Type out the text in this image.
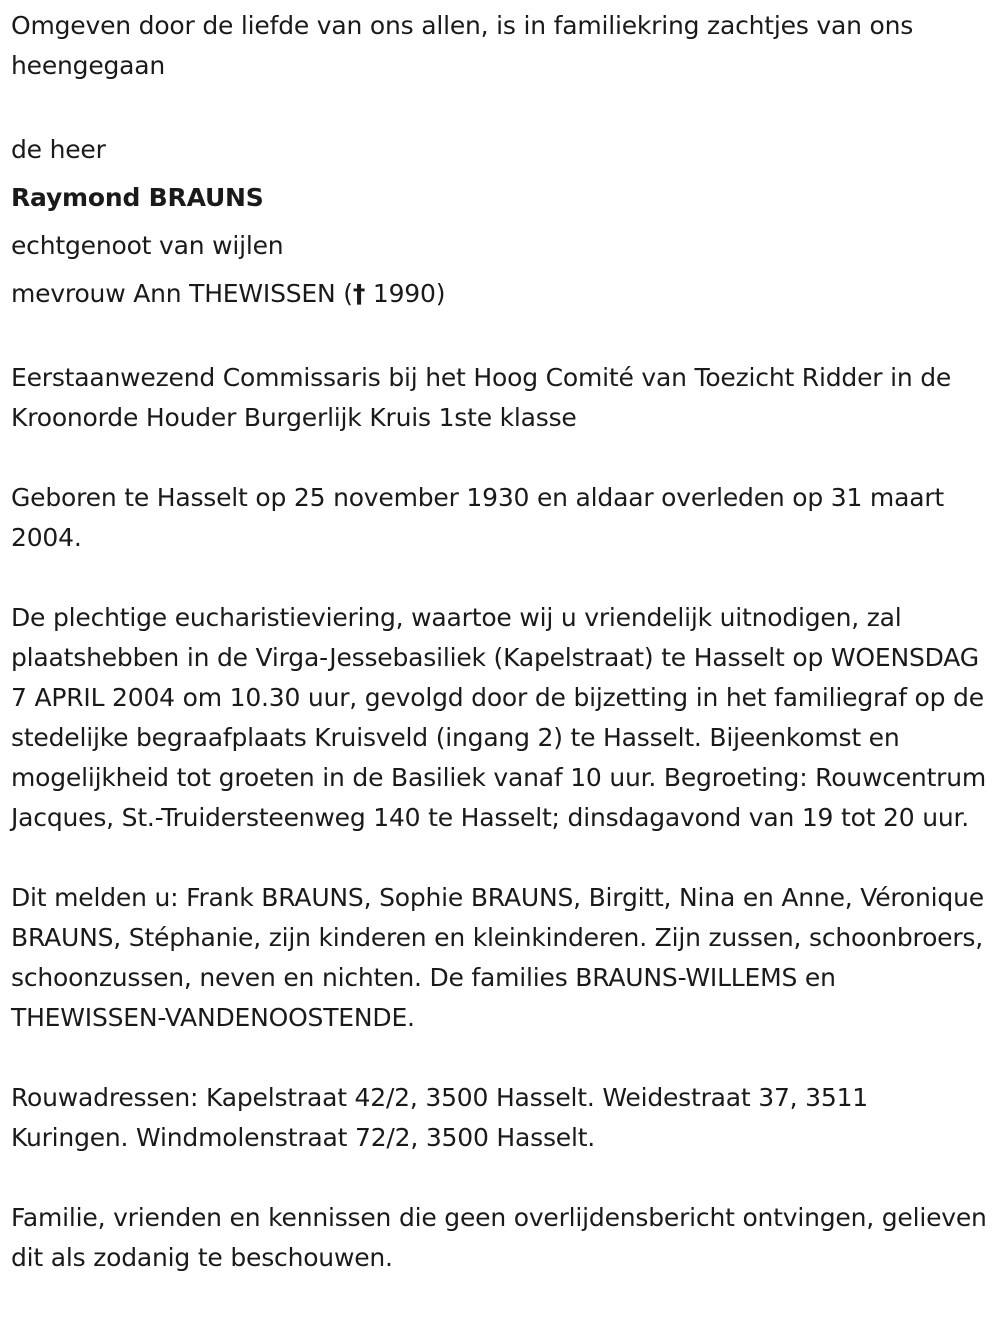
Omgeven door de liefde van ons allen, is in familiekring zachtjes van ons heengegaan

de heer

Raymond BRAUNS

echtgenoot van wijlen

mevrouw Ann THEWISSEN († 1990)

Eerstaanwezend Commissaris bij het Hoog Comité van Toezicht Ridder in de Kroonorde Houder Burgerlijk Kruis 1ste klasse

Geboren te Hasselt op 25 november 1930 en aldaar overleden op 31 maart 2004.

De plechtige eucharistieviering, waartoe wij u vriendelijk uitnodigen, zal plaatshebben in de Virga-Jessebasiliek (Kapelstraat) te Hasselt op WOENSDAG 7 APRIL 2004 om 10.30 uur, gevolgd door de bijzetting in het familiegraf op de stedelijke begraafplaats Kruisveld (ingang 2) te Hasselt. Bijeenkomst en mogelijkheid tot groeten in de Basiliek vanaf 10 uur. Begroeting: Rouwcentrum Jacques, St.-Truidersteenweg 140 te Hasselt; dinsdagavond van 19 tot 20 uur.

Dit melden u: Frank BRAUNS, Sophie BRAUNS, Birgitt, Nina en Anne, Véronique BRAUNS, Stéphanie, zijn kinderen en kleinkinderen. Zijn zussen, schoonbroers, schoonzussen, neven en nichten. De families BRAUNS-WILLEMS en THEWISSEN-VANDENOOSTENDE.

Rouwadressen: Kapelstraat 42/2, 3500 Hasselt. Weidestraat 37, 3511 Kuringen. Windmolenstraat 72/2, 3500 Hasselt.

Familie, vrienden en kennissen die geen overlijdensbericht ontvingen, gelieven dit als zodanig te beschouwen.
